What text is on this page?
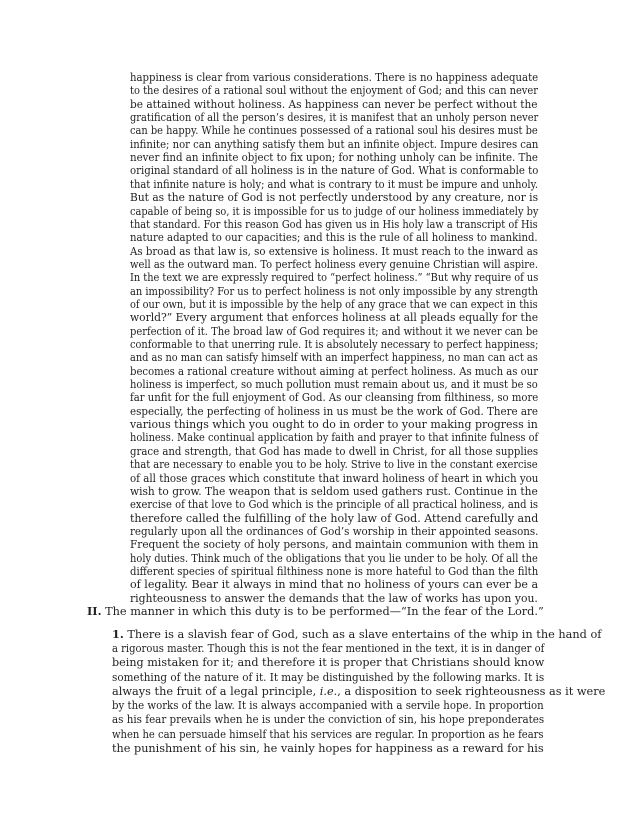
happiness is clear from various considerations. There is no happiness adequate
to the desires of a rational soul without the enjoyment of God; and this can never
be attained without holiness. As happiness can never be perfect without the
gratification of all the person’s desires, it is manifest that an unholy person never
can be happy. While he continues possessed of a rational soul his desires must be
infinite; nor can anything satisfy them but an infinite object. Impure desires can
never find an infinite object to fix upon; for nothing unholy can be infinite. The
original standard of all holiness is in the nature of God. What is conformable to
that infinite nature is holy; and what is contrary to it must be impure and unholy.
But as the nature of God is not perfectly understood by any creature, nor is
capable of being so, it is impossible for us to judge of our holiness immediately by
that standard. For this reason God has given us in His holy law a transcript of His
nature adapted to our capacities; and this is the rule of all holiness to mankind.
As broad as that law is, so extensive is holiness. It must reach to the inward as
well as the outward man. To perfect holiness every genuine Christian will aspire.
In the text we are expressly required to “perfect holiness.” “But why require of us
an impossibility? For us to perfect holiness is not only impossible by any strength
of our own, but it is impossible by the help of any grace that we can expect in this
world?” Every argument that enforces holiness at all pleads equally for the
perfection of it. The broad law of God requires it; and without it we never can be
conformable to that unerring rule. It is absolutely necessary to perfect happiness;
and as no man can satisfy himself with an imperfect happiness, no man can act as
becomes a rational creature without aiming at perfect holiness. As much as our
holiness is imperfect, so much pollution must remain about us, and it must be so
far unfit for the full enjoyment of God. As our cleansing from filthiness, so more
especially, the perfecting of holiness in us must be the work of God. There are
various things which you ought to do in order to your making progress in
holiness. Make continual application by faith and prayer to that infinite fulness of
grace and strength, that God has made to dwell in Christ, for all those supplies
that are necessary to enable you to be holy. Strive to live in the constant exercise
of all those graces which constitute that inward holiness of heart in which you
wish to grow. The weapon that is seldom used gathers rust. Continue in the
exercise of that love to God which is the principle of all practical holiness, and is
therefore called the fulfilling of the holy law of God. Attend carefully and
regularly upon all the ordinances of God’s worship in their appointed seasons.
Frequent the society of holy persons, and maintain communion with them in
holy duties. Think much of the obligations that you lie under to be holy. Of all the
different species of spiritual filthiness none is more hateful to God than the filth
of legality. Bear it always in mind that no holiness of yours can ever be a
righteousness to answer the demands that the law of works has upon you.
II. The manner in which this duty is to be performed—“In the fear of the Lord.”
1. There is a slavish fear of God, such as a slave entertains of the whip in the hand of
a rigorous master. Though this is not the fear mentioned in the text, it is in danger of
being mistaken for it; and therefore it is proper that Christians should know
something of the nature of it. It may be distinguished by the following marks. It is
always the fruit of a legal principle, i.e., a disposition to seek righteousness as it were
by the works of the law. It is always accompanied with a servile hope. In proportion
as his fear prevails when he is under the conviction of sin, his hope preponderates
when he can persuade himself that his services are regular. In proportion as he fears
the punishment of his sin, he vainly hopes for happiness as a reward for his
